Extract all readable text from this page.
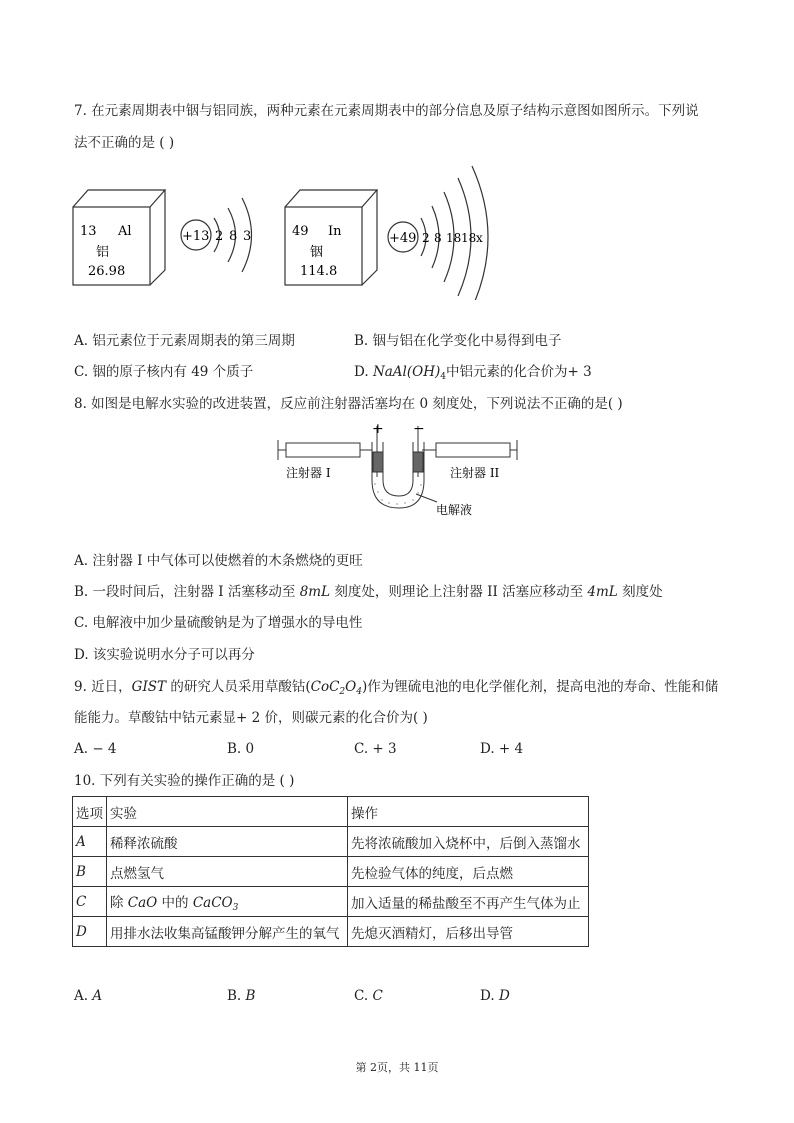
7. 在元素周期表中铟与铝同族，两种元素在元素周期表中的部分信息及原子结构示意图如图所示。下列说
法不正确的是 ( )
13 Al
铝
26.98
+13 2 8 3	49 In
铟
114.8
+49 2 8 18 18 x
A. 铝元素位于元素周期表的第三周期	B. 铟与铝在化学变化中易得到电子
C. 铟的原子核内有 49 个质子	D. $NaAl(OH)_4$中铝元素的化合价为+ 3
8. 如图是电解水实验的改进装置，反应前注射器活塞均在 0 刻度处，下列说法不正确的是( )
+ −
注射器 I	注射器 II
电解液
A. 注射器 I 中气体可以使燃着的木条燃烧的更旺
B. 一段时间后，注射器 I 活塞移动至 8mL 刻度处，则理论上注射器 II 活塞应移动至 4mL 刻度处
C. 电解液中加少量硫酸钠是为了增强水的导电性
D. 该实验说明水分子可以再分
9. 近日，GIST 的研究人员采用草酸钴$(CoC_2O_4)$作为锂硫电池的电化学催化剂，提高电池的寿命、性能和储
能能力。草酸钴中钴元素显+ 2 价，则碳元素的化合价为( )
A. − 4	B. 0	C. + 3	D. + 4
10. 下列有关实验的操作正确的是 ( )
选项	实验	操作
A	稀释浓硫酸	先将浓硫酸加入烧杯中，后倒入蒸馏水
B	点燃氢气	先检验气体的纯度，后点燃
C	除 CaO 中的 CaCO$_3$	加入适量的稀盐酸至不再产生气体为止
D	用排水法收集高锰酸钾分解产生的氧气	先熄灭酒精灯，后移出导管
A. A	B. B	C. C	D. D
第 2页，共 11页
